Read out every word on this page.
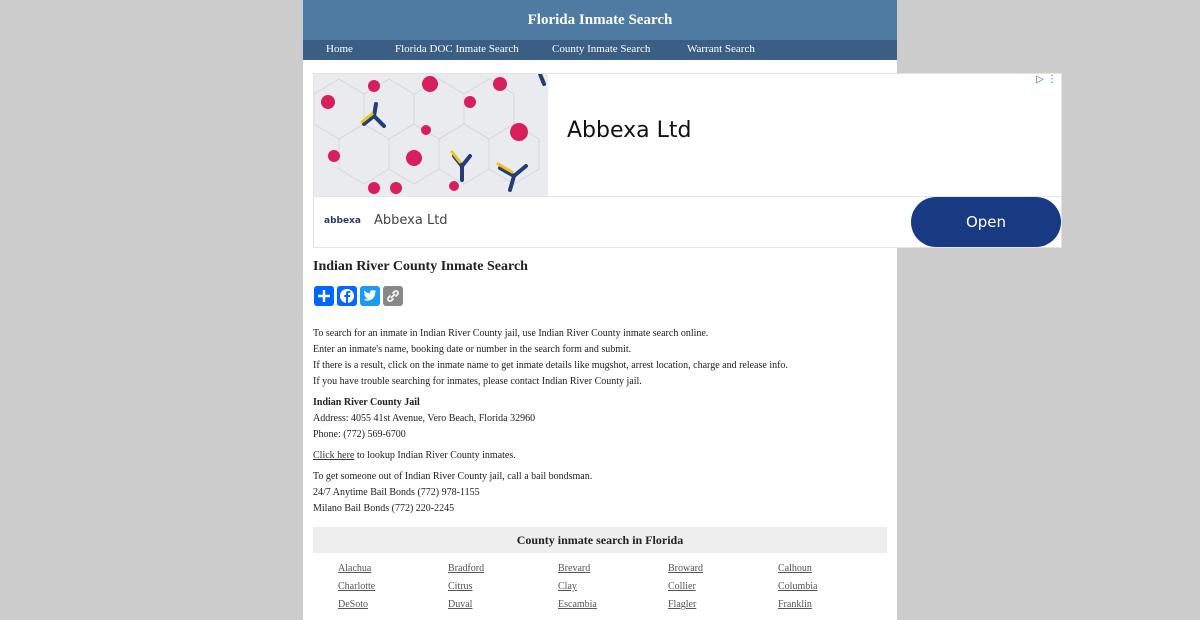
Florida Inmate Search
Home	Florida DOC Inmate Search	County Inmate Search	Warrant Search
Abbexa Ltd
▷ ⋮
abbexa Abbexa Ltd	Open
Indian River County Inmate Search

To search for an inmate in Indian River County jail, use Indian River County inmate search online.

Enter an inmate's name, booking date or number in the search form and submit.

If there is a result, click on the inmate name to get inmate details like mugshot, arrest location, charge and release info.

If you have trouble searching for inmates, please contact Indian River County jail.

Indian River County Jail

Address: 4055 41st Avenue, Vero Beach, Florida 32960

Phone: (772) 569-6700

Click here to lookup Indian River County inmates.

To get someone out of Indian River County jail, call a bail bondsman.

24/7 Anytime Bail Bonds (772) 978-1155

Milano Bail Bonds (772) 220-2245

County inmate search in Florida
Alachua	Bradford	Brevard	Broward	Calhoun
Charlotte	Citrus	Clay	Collier	Columbia
DeSoto	Duval	Escambia	Flagler	Franklin
